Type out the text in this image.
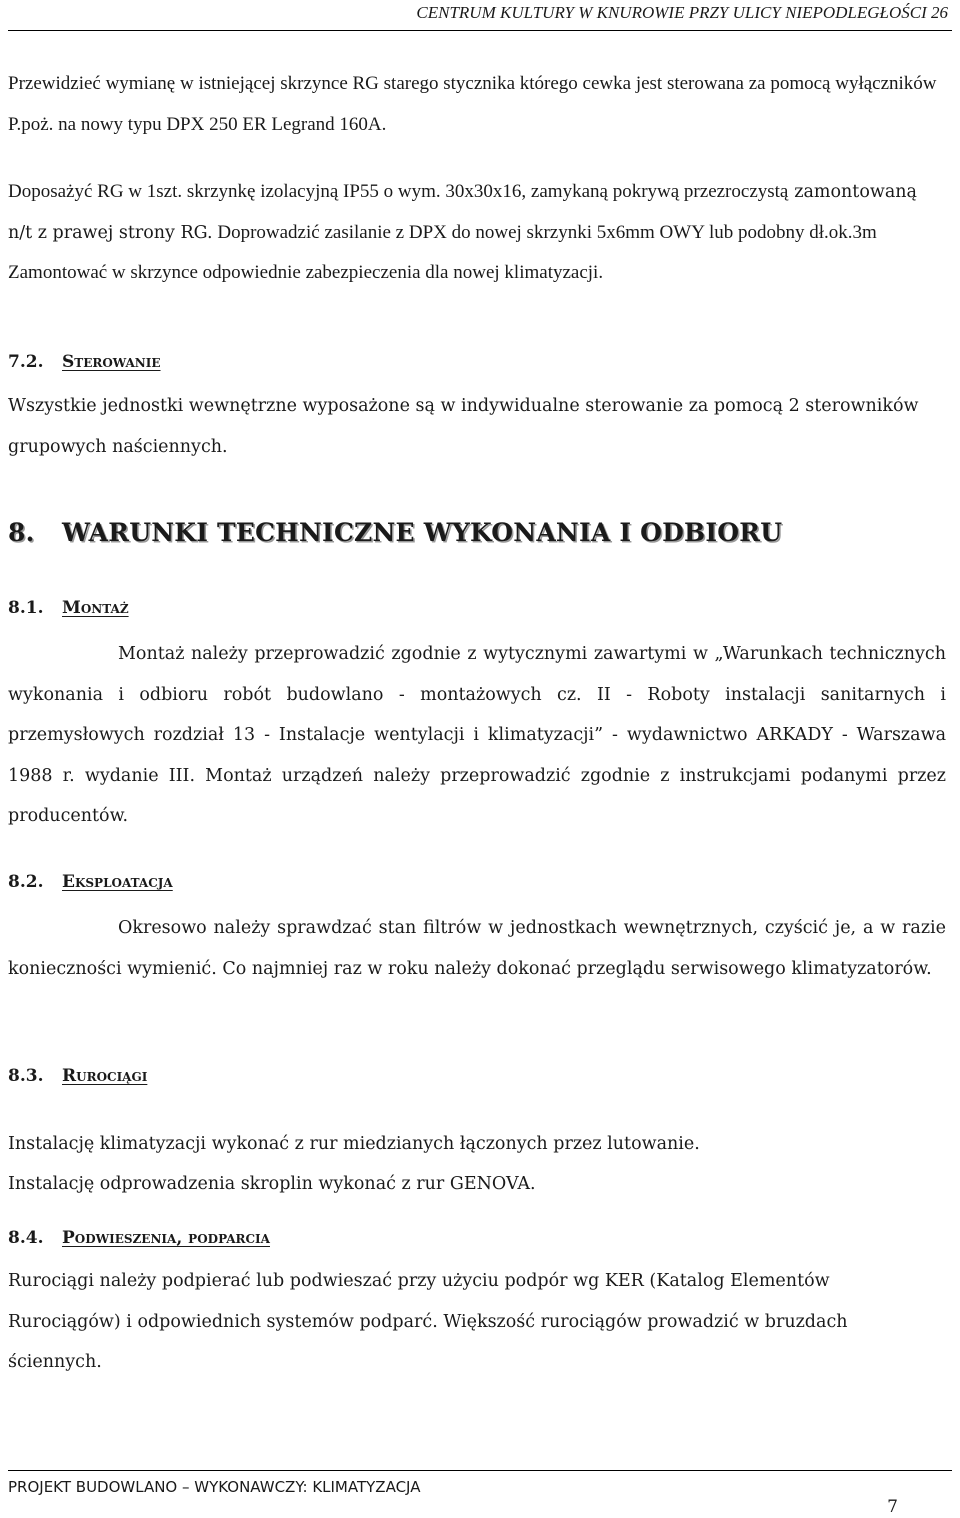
CENTRUM KULTURY W KNUROWIE PRZY ULICY NIEPODLEGŁOŚCI 26

Przewidzieć wymianę w istniejącej skrzynce RG starego stycznika którego cewka jest sterowana za pomocą wyłączników P.poż. na nowy typu DPX 250 ER Legrand 160A.

Doposażyć RG w 1szt. skrzynkę izolacyjną IP55 o wym. 30x30x16, zamykaną pokrywą przezroczystą zamontowaną n/t z prawej strony RG. Doprowadzić zasilanie z DPX do nowej skrzynki 5x6mm OWY lub podobny dł.ok.3m Zamontować w skrzynce odpowiednie zabezpieczenia dla nowej klimatyzacji.

7.2. Sterowanie

Wszystkie jednostki wewnętrzne wyposażone są w indywidualne sterowanie za pomocą 2 sterowników grupowych naściennych.

8. WARUNKI TECHNICZNE WYKONANIA I ODBIORU
8.1. Montaż

Montaż należy przeprowadzić zgodnie z wytycznymi zawartymi w „Warunkach technicznych wykonania i odbioru robót budowlano - montażowych cz. II - Roboty instalacji sanitarnych i przemysłowych rozdział 13 - Instalacje wentylacji i klimatyzacji” - wydawnictwo ARKADY - Warszawa 1988 r. wydanie III. Montaż urządzeń należy przeprowadzić zgodnie z instrukcjami podanymi przez producentów.

8.2. Eksploatacja

Okresowo należy sprawdzać stan filtrów w jednostkach wewnętrznych, czyścić je, a w razie konieczności wymienić. Co najmniej raz w roku należy dokonać przeglądu serwisowego klimatyzatorów.

8.3. Rurociągi

Instalację klimatyzacji wykonać z rur miedzianych łączonych przez lutowanie.

Instalację odprowadzenia skroplin wykonać z rur GENOVA.

8.4. Podwieszenia, podparcia

Rurociągi należy podpierać lub podwieszać przy użyciu podpór wg KER (Katalog Elementów Rurociągów) i odpowiednich systemów podparć. Większość rurociągów prowadzić w bruzdach ściennych.

PROJEKT BUDOWLANO – WYKONAWCZY: KLIMATYZACJA
7
